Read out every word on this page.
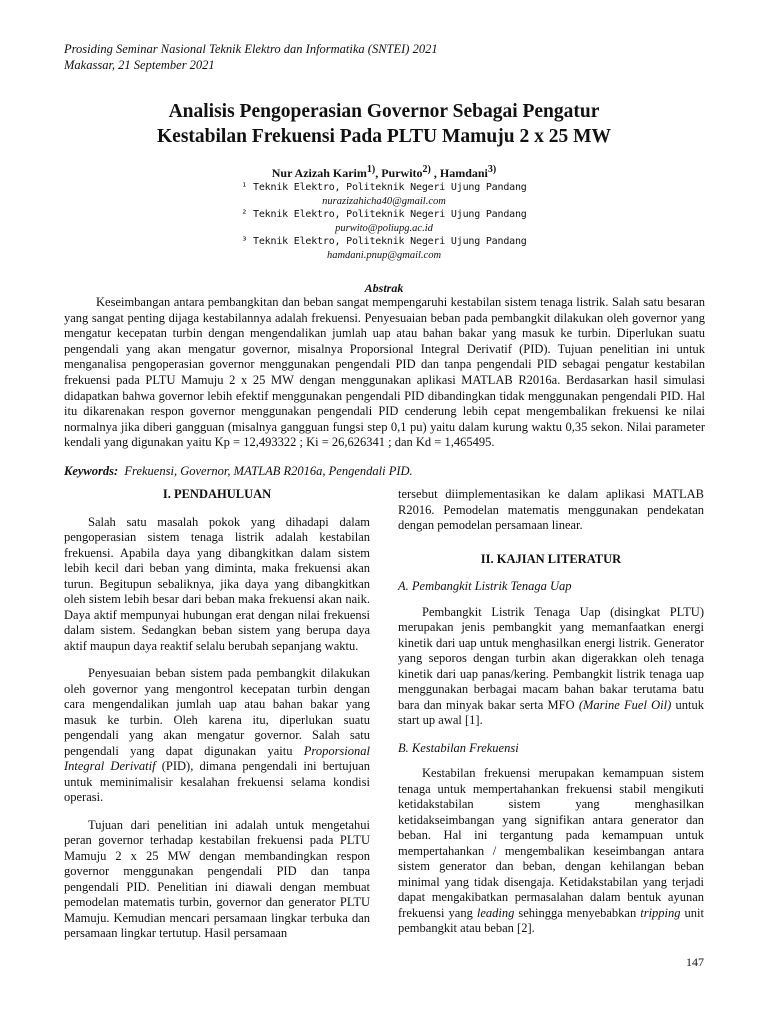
Prosiding Seminar Nasional Teknik Elektro dan Informatika (SNTEI) 2021
Makassar, 21 September 2021
Analisis Pengoperasian Governor Sebagai Pengatur
Kestabilan Frekuensi Pada PLTU Mamuju 2 x 25 MW
Nur Azizah Karim$^{1)}$, Purwito$^{2)}$ , Hamdani$^{3)}$
¹ Teknik Elektro, Politeknik Negeri Ujung Pandang
nurazizahicha40@gmail.com
² Teknik Elektro, Politeknik Negeri Ujung Pandang
purwito@poliupg.ac.id
³ Teknik Elektro, Politeknik Negeri Ujung Pandang
hamdani.pnup@gmail.com
Abstrak

Keseimbangan antara pembangkitan dan beban sangat mempengaruhi kestabilan sistem tenaga listrik. Salah satu besaran yang sangat penting dijaga kestabilannya adalah frekuensi. Penyesuaian beban pada pembangkit dilakukan oleh governor yang mengatur kecepatan turbin dengan mengendalikan jumlah uap atau bahan bakar yang masuk ke turbin. Diperlukan suatu pengendali yang akan mengatur governor, misalnya Proporsional Integral Derivatif (PID). Tujuan penelitian ini untuk menganalisa pengoperasian governor menggunakan pengendali PID dan tanpa pengendali PID sebagai pengatur kestabilan frekuensi pada PLTU Mamuju 2 x 25 MW dengan menggunakan aplikasi MATLAB R2016a. Berdasarkan hasil simulasi didapatkan bahwa governor lebih efektif menggunakan pengendali PID dibandingkan tidak menggunakan pengendali PID. Hal itu dikarenakan respon governor menggunakan pengendali PID cenderung lebih cepat mengembalikan frekuensi ke nilai normalnya jika diberi gangguan (misalnya gangguan fungsi step 0,1 pu) yaitu dalam kurung waktu 0,35 sekon. Nilai parameter kendali yang digunakan yaitu Kp = 12,493322 ; Ki = 26,626341 ; dan Kd = 1,465495.

Keywords: Frekuensi, Governor, MATLAB R2016a, Pengendali PID.
I. PENDAHULUAN

Salah satu masalah pokok yang dihadapi dalam pengoperasian sistem tenaga listrik adalah kestabilan frekuensi. Apabila daya yang dibangkitkan dalam sistem lebih kecil dari beban yang diminta, maka frekuensi akan turun. Begitupun sebaliknya, jika daya yang dibangkitkan oleh sistem lebih besar dari beban maka frekuensi akan naik. Daya aktif mempunyai hubungan erat dengan nilai frekuensi dalam sistem. Sedangkan beban sistem yang berupa daya aktif maupun daya reaktif selalu berubah sepanjang waktu.

Penyesuaian beban sistem pada pembangkit dilakukan oleh governor yang mengontrol kecepatan turbin dengan cara mengendalikan jumlah uap atau bahan bakar yang masuk ke turbin. Oleh karena itu, diperlukan suatu pengendali yang akan mengatur governor. Salah satu pengendali yang dapat digunakan yaitu Proporsional Integral Derivatif (PID), dimana pengendali ini bertujuan untuk meminimalisir kesalahan frekuensi selama kondisi operasi.

Tujuan dari penelitian ini adalah untuk mengetahui peran governor terhadap kestabilan frekuensi pada PLTU Mamuju 2 x 25 MW dengan membandingkan respon governor menggunakan pengendali PID dan tanpa pengendali PID. Penelitian ini diawali dengan membuat pemodelan matematis turbin, governor dan generator PLTU Mamuju. Kemudian mencari persamaan lingkar terbuka dan persamaan lingkar tertutup. Hasil persamaan

tersebut diimplementasikan ke dalam aplikasi MATLAB R2016. Pemodelan matematis menggunakan pendekatan dengan pemodelan persamaan linear.

II. KAJIAN LITERATUR
A. Pembangkit Listrik Tenaga Uap

Pembangkit Listrik Tenaga Uap (disingkat PLTU) merupakan jenis pembangkit yang memanfaatkan energi kinetik dari uap untuk menghasilkan energi listrik. Generator yang seporos dengan turbin akan digerakkan oleh tenaga kinetik dari uap panas/kering. Pembangkit listrik tenaga uap menggunakan berbagai macam bahan bakar terutama batu bara dan minyak bakar serta MFO (Marine Fuel Oil) untuk start up awal [1].

B. Kestabilan Frekuensi

Kestabilan frekuensi merupakan kemampuan sistem tenaga untuk mempertahankan frekuensi stabil mengikuti ketidakstabilan sistem yang menghasilkan ketidakseimbangan yang signifikan antara generator dan beban. Hal ini tergantung pada kemampuan untuk mempertahankan / mengembalikan keseimbangan antara sistem generator dan beban, dengan kehilangan beban minimal yang tidak disengaja. Ketidakstabilan yang terjadi dapat mengakibatkan permasalahan dalam bentuk ayunan frekuensi yang leading sehingga menyebabkan tripping unit pembangkit atau beban [2].

147
